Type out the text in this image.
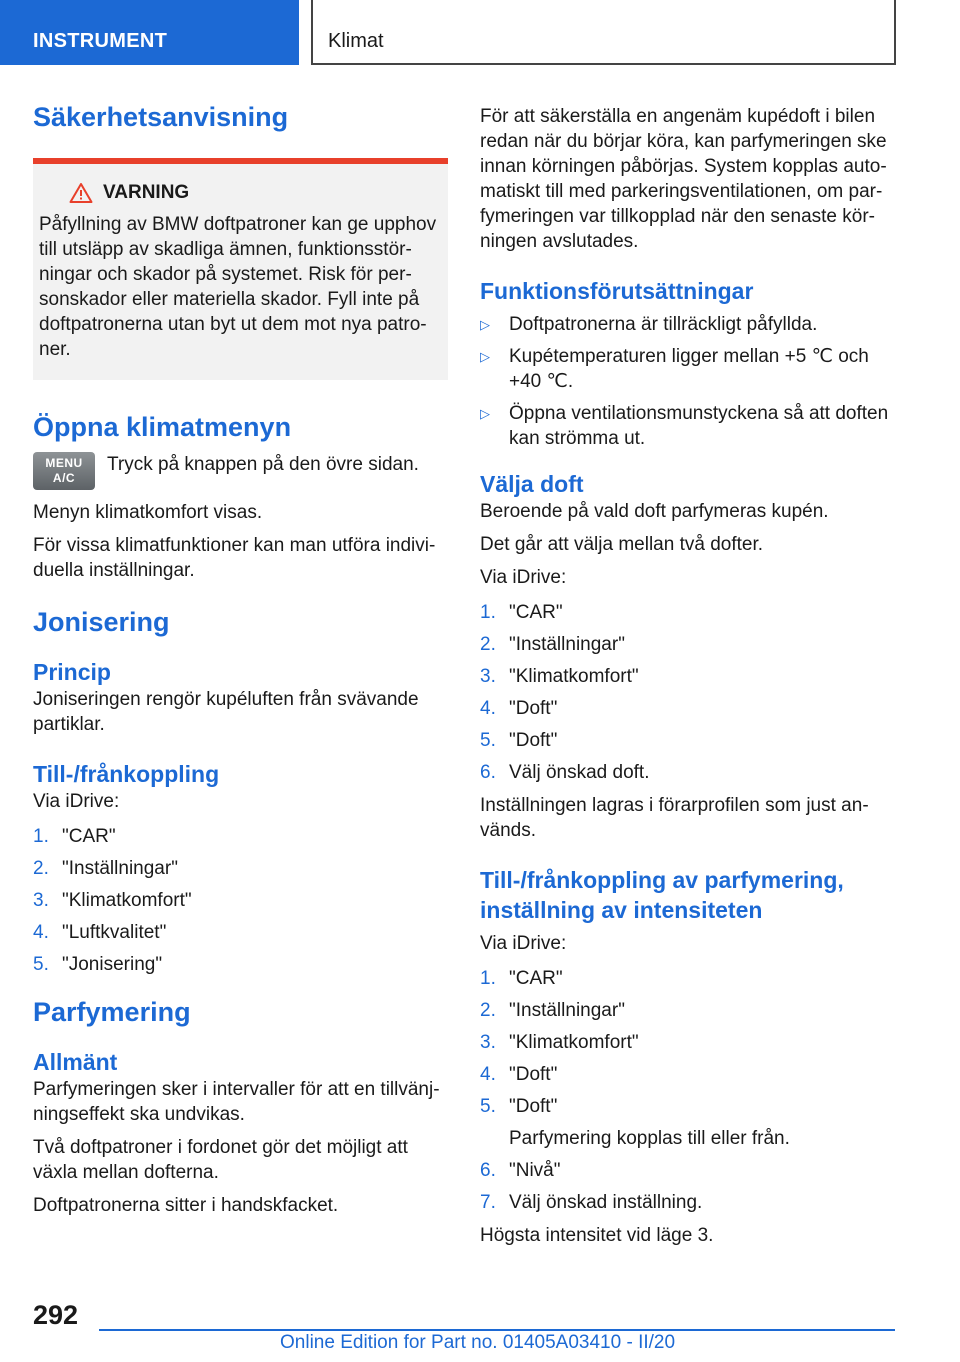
INSTRUMENT	Klimat
Säkerhetsanvisning
VARNING

Påfyllning av BMW doftpatroner kan ge upphov till utsläpp av skadliga ämnen, funktionsstörningar och skador på systemet. Risk för personskador eller materiella skador. Fyll inte på doftpatronerna utan byt ut dem mot nya patroner.

Öppna klimatmenyn
MENU
A/C

Tryck på knappen på den övre sidan.

Menyn klimatkomfort visas.

För vissa klimatfunktioner kan man utföra individuella inställningar.

Jonisering
Princip

Joniseringen rengör kupéluften från svävande partiklar.

Till-/frånkoppling

Via iDrive:

1. "CAR"
2. "Inställningar"
3. "Klimatkomfort"
4. "Luftkvalitet"
5. "Jonisering"
Parfymering
Allmänt

Parfymeringen sker i intervaller för att en tillvänjningseffekt ska undvikas.

Två doftpatroner i fordonet gör det möjligt att växla mellan dofterna.

Doftpatronerna sitter i handskfacket.

För att säkerställa en angenäm kupédoft i bilen redan när du börjar köra, kan parfymeringen ske innan körningen påbörjas. System kopplas automatiskt till med parkeringsventilationen, om parfymeringen var tillkopplad när den senaste körningen avslutades.

Funktionsförutsättningar
▷	Doftpatronerna är tillräckligt påfyllda.
▷	Kupétemperaturen ligger mellan +5 ℃ och +40 ℃.
▷	Öppna ventilationsmunstyckena så att doften kan strömma ut.
Välja doft

Beroende på vald doft parfymeras kupén.

Det går att välja mellan två dofter.

Via iDrive:

1. "CAR"
2. "Inställningar"
3. "Klimatkomfort"
4. "Doft"
5. "Doft"
6. Välj önskad doft.

Inställningen lagras i förarprofilen som just används.

Till-/frånkoppling av parfymering, inställning av intensiteten

Via iDrive:

1. "CAR"
2. "Inställningar"
3. "Klimatkomfort"
4. "Doft"
5. "Doft"
Parfymering kopplas till eller från.
6. "Nivå"
7. Välj önskad inställning.

Högsta intensitet vid läge 3.

292
Online Edition for Part no. 01405A03410 - II/20
